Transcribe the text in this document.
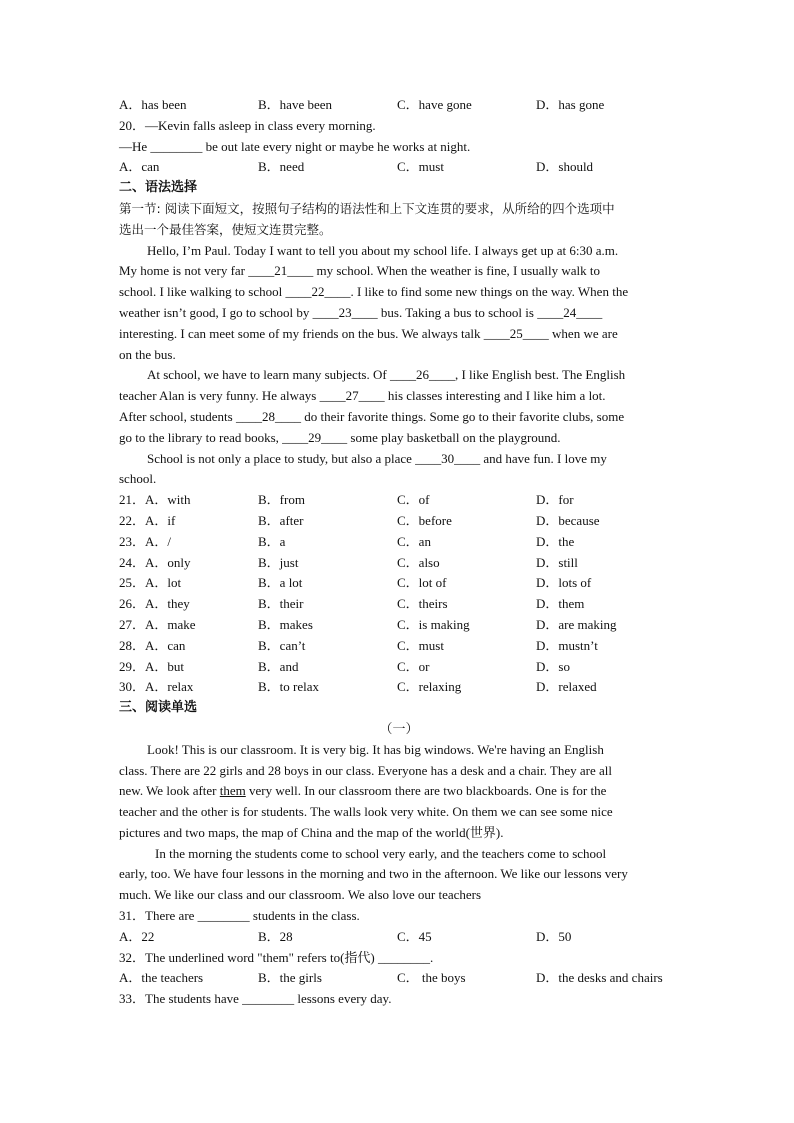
A．has been	B．have been	C．have gone	D．has gone
20．—Kevin falls asleep in class every morning.
—He ________ be out late every night or maybe he works at night.
A．can	B．need	C．must	D．should
二、语法选择
第一节: 阅读下面短文，按照句子结构的语法性和上下文连贯的要求，从所给的四个选项中
选出一个最佳答案，使短文连贯完整。
Hello, I’m Paul. Today I want to tell you about my school life. I always get up at 6:30 a.m.
My home is not very far ____21____ my school. When the weather is fine, I usually walk to
school. I like walking to school ____22____. I like to find some new things on the way. When the
weather isn’t good, I go to school by ____23____ bus. Taking a bus to school is ____24____
interesting. I can meet some of my friends on the bus. We always talk ____25____ when we are
on the bus.
At school, we have to learn many subjects. Of ____26____, I like English best. The English
teacher Alan is very funny. He always ____27____ his classes interesting and I like him a lot.
After school, students ____28____ do their favorite things. Some go to their favorite clubs, some
go to the library to read books, ____29____ some play basketball on the playground.
School is not only a place to study, but also a place ____30____ and have fun. I love my
school.
21．A．with	B．from	C．of	D．for
22．A．if	B．after	C．before	D．because
23．A．/	B．a	C．an	D．the
24．A．only	B．just	C．also	D．still
25．A．lot	B．a lot	C．lot of	D．lots of
26．A．they	B．their	C．theirs	D．them
27．A．make	B．makes	C．is making	D．are making
28．A．can	B．can’t	C．must	D．mustn’t
29．A．but	B．and	C．or	D．so
30．A．relax	B．to relax	C．relaxing	D．relaxed
三、阅读单选
（一）
Look! This is our classroom. It is very big. It has big windows. We're having an English
class. There are 22 girls and 28 boys in our class. Everyone has a desk and a chair. They are all
new. We look after them very well. In our classroom there are two blackboards. One is for the
teacher and the other is for students. The walls look very white. On them we can see some nice
pictures and two maps, the map of China and the map of the world(世界).
In the morning the students come to school very early, and the teachers come to school
early, too. We have four lessons in the morning and two in the afternoon. We like our lessons very
much. We like our class and our classroom. We also love our teachers
31．There are ________ students in the class.
A．22	B．28	C．45	D．50
32．The underlined word "them" refers to(指代) ________.
A．the teachers	B．the girls	C． the boys	D．the desks and chairs
33．The students have ________ lessons every day.
